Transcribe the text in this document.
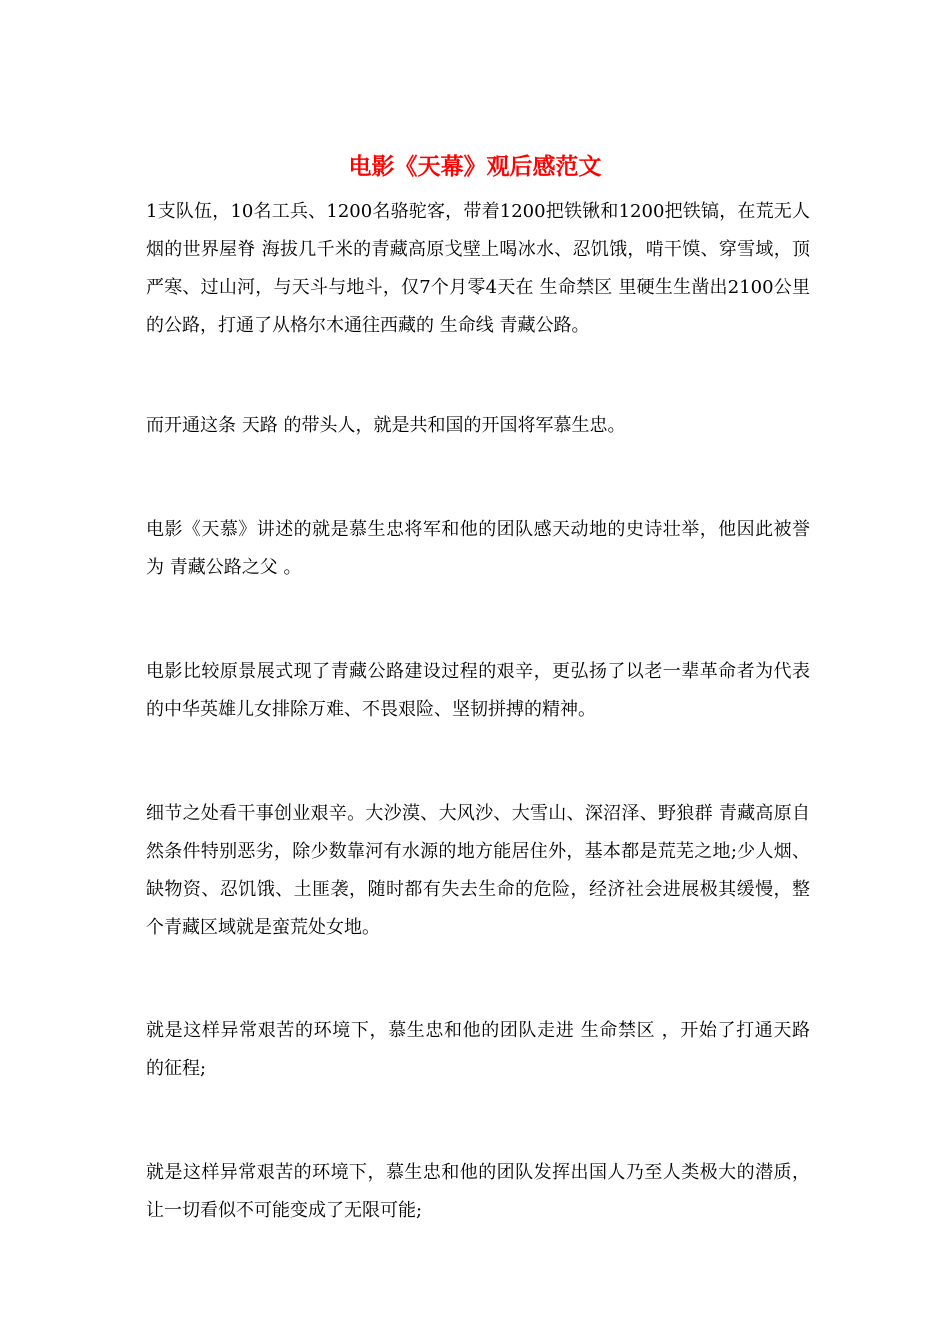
电影《天幕》观后感范文

1支队伍，10名工兵、1200名骆驼客，带着1200把铁锹和1200把铁镐，在荒无人烟的世界屋脊 海拔几千米的青藏高原戈壁上喝冰水、忍饥饿，啃干馍、穿雪域，顶严寒、过山河，与天斗与地斗，仅7个月零4天在 生命禁区 里硬生生凿出2100公里的公路，打通了从格尔木通往西藏的 生命线 青藏公路。

而开通这条 天路 的带头人，就是共和国的开国将军慕生忠。

电影《天慕》讲述的就是慕生忠将军和他的团队感天动地的史诗壮举，他因此被誉为 青藏公路之父 。

电影比较原景展式现了青藏公路建设过程的艰辛，更弘扬了以老一辈革命者为代表的中华英雄儿女排除万难、不畏艰险、坚韧拼搏的精神。

细节之处看干事创业艰辛。大沙漠、大风沙、大雪山、深沼泽、野狼群 青藏高原自然条件特别恶劣，除少数靠河有水源的地方能居住外，基本都是荒芜之地;少人烟、缺物资、忍饥饿、土匪袭，随时都有失去生命的危险，经济社会进展极其缓慢，整个青藏区域就是蛮荒处女地。

就是这样异常艰苦的环境下，慕生忠和他的团队走进 生命禁区 ，开始了打通天路 的征程;

就是这样异常艰苦的环境下，慕生忠和他的团队发挥出国人乃至人类极大的潜质，让一切看似不可能变成了无限可能;
